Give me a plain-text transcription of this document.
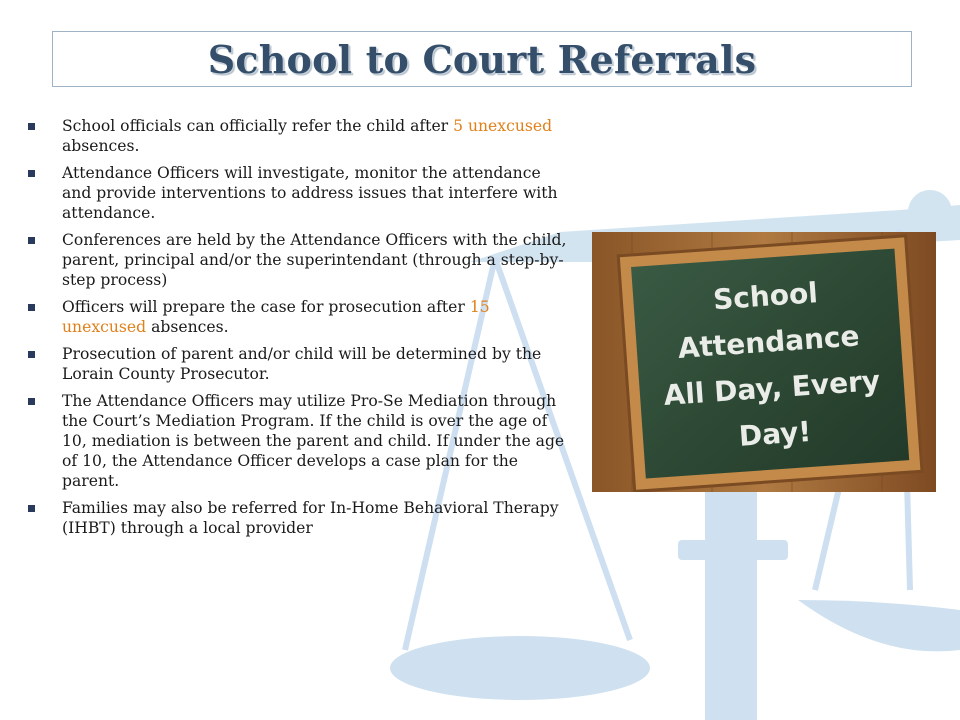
School to Court Referrals
School officials can officially refer the child after 5 unexcused absences.
Attendance Officers will investigate, monitor the attendance and provide interventions to address issues that interfere with attendance.
Conferences are held by the Attendance Officers with the child, parent, principal and/or the superintendant (through a step-by-step process)
Officers will prepare the case for prosecution after 15 unexcused absences.
Prosecution of parent and/or child will be determined by the Lorain County Prosecutor.
The Attendance Officers may utilize Pro-Se Mediation through the Court’s Mediation Program. If the child is over the age of 10, mediation is between the parent and child. If under the age of 10, the Attendance Officer develops a case plan for the parent.
Families may also be referred for In-Home Behavioral Therapy (IHBT) through a local provider
School
Attendance
All Day, Every
Day!
